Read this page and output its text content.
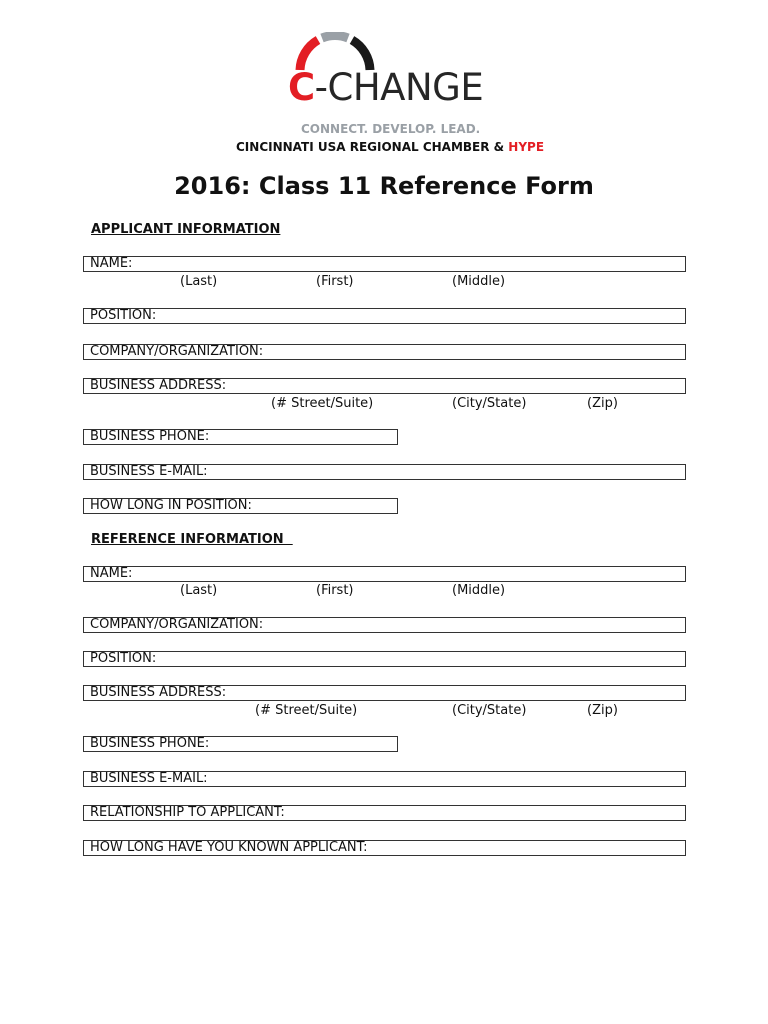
C-CHANGE
CONNECT. DEVELOP. LEAD.
CINCINNATI USA REGIONAL CHAMBER & HYPE
2016: Class 11 Reference Form
APPLICANT INFORMATION
NAME:
(Last)	(First)	(Middle)
POSITION:
COMPANY/ORGANIZATION:
BUSINESS ADDRESS:
(# Street/Suite)	(City/State)	(Zip)
BUSINESS PHONE:
BUSINESS E-MAIL:
HOW LONG IN POSITION:
REFERENCE INFORMATION
NAME:
(Last)	(First)	(Middle)
COMPANY/ORGANIZATION:
POSITION:
BUSINESS ADDRESS:
(# Street/Suite)	(City/State)	(Zip)
BUSINESS PHONE:
BUSINESS E-MAIL:
RELATIONSHIP TO APPLICANT:
HOW LONG HAVE YOU KNOWN APPLICANT:
